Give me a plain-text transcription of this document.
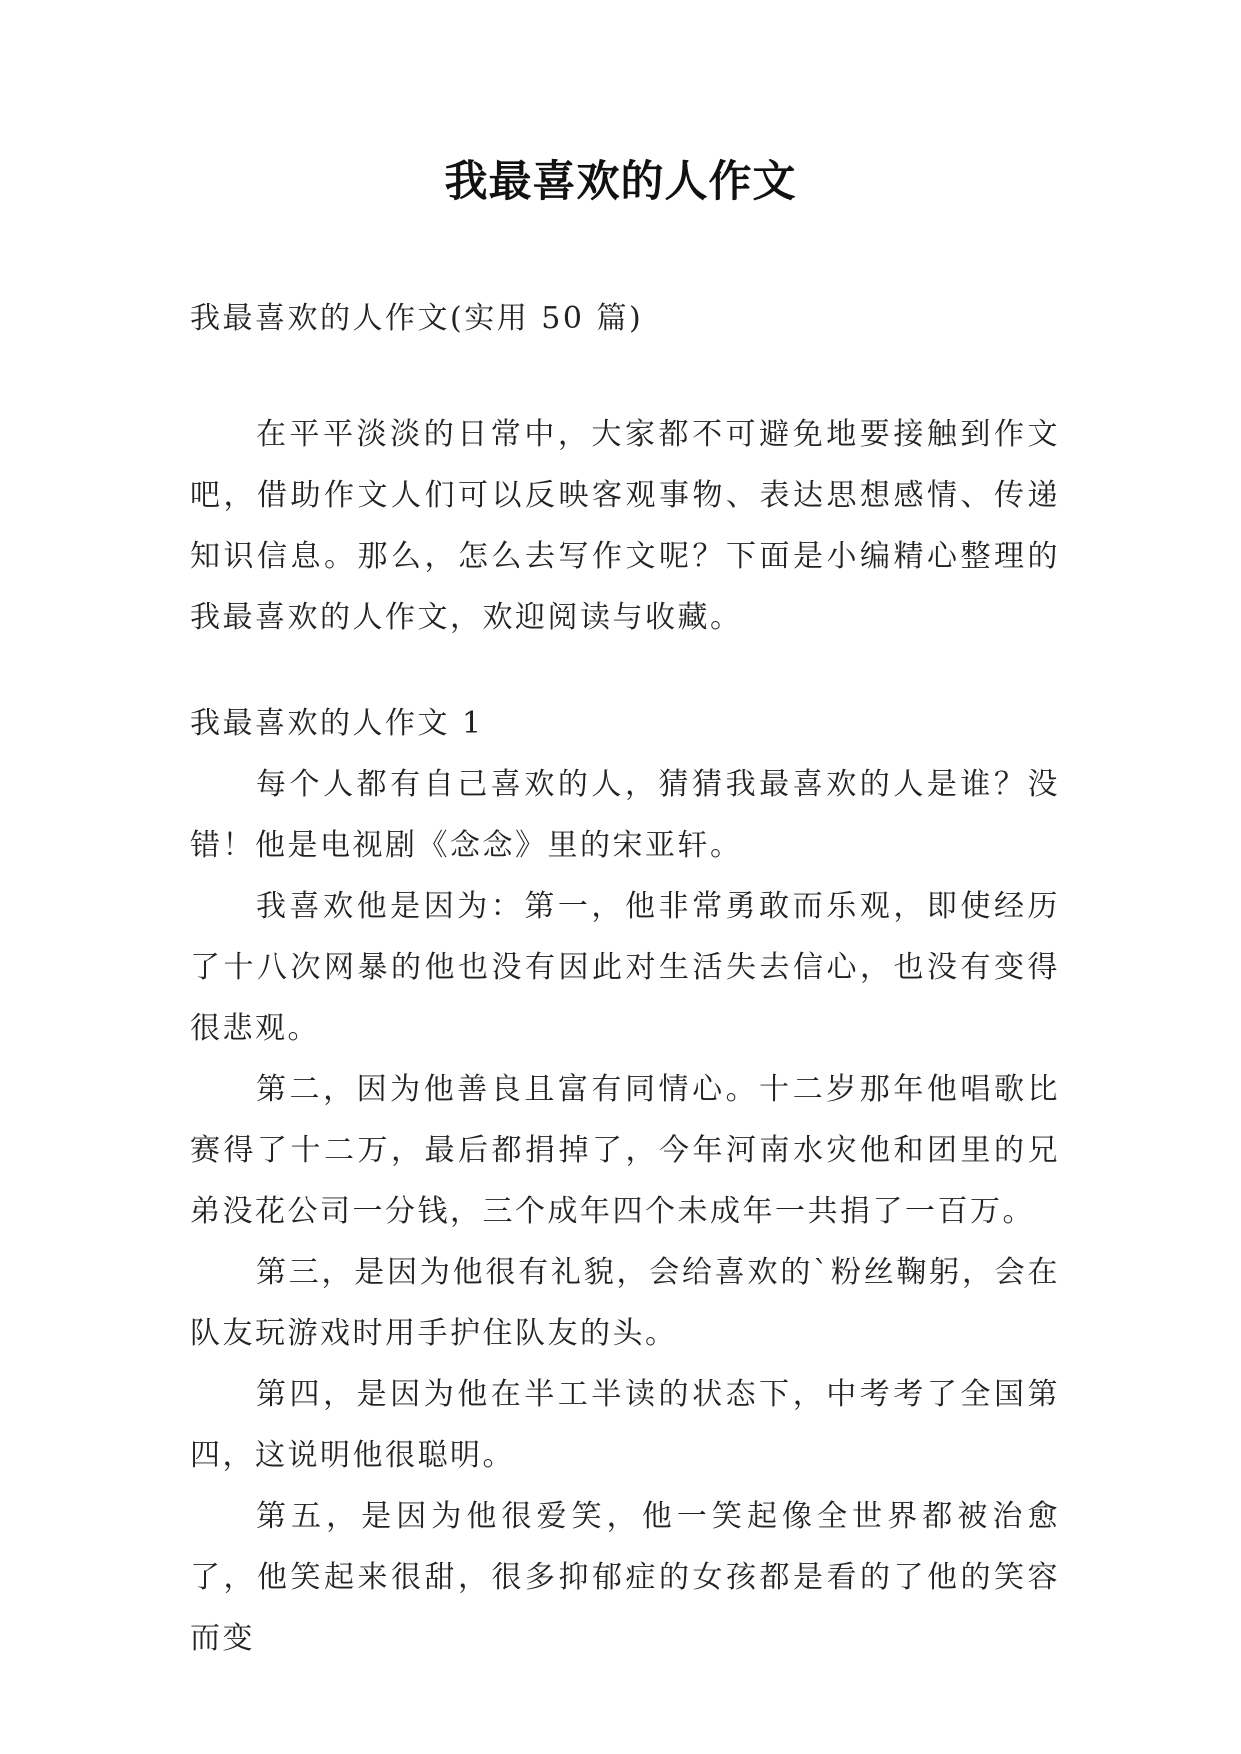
我最喜欢的人作文
我最喜欢的人作文(实用 50 篇)

在平平淡淡的日常中，大家都不可避免地要接触到作文吧，借助作文人们可以反映客观事物、表达思想感情、传递知识信息。那么，怎么去写作文呢？下面是小编精心整理的我最喜欢的人作文，欢迎阅读与收藏。

我最喜欢的人作文 1

每个人都有自己喜欢的人，猜猜我最喜欢的人是谁？没错！他是电视剧《念念》里的宋亚轩。

我喜欢他是因为：第一，他非常勇敢而乐观，即使经历了十八次网暴的他也没有因此对生活失去信心，也没有变得很悲观。

第二，因为他善良且富有同情心。十二岁那年他唱歌比赛得了十二万，最后都捐掉了，今年河南水灾他和团里的兄弟没花公司一分钱，三个成年四个未成年一共捐了一百万。

第三，是因为他很有礼貌，会给喜欢的`粉丝鞠躬，会在队友玩游戏时用手护住队友的头。

第四，是因为他在半工半读的状态下，中考考了全国第四，这说明他很聪明。

第五，是因为他很爱笑，他一笑起像全世界都被治愈了，他笑起来很甜，很多抑郁症的女孩都是看的了他的笑容而变
